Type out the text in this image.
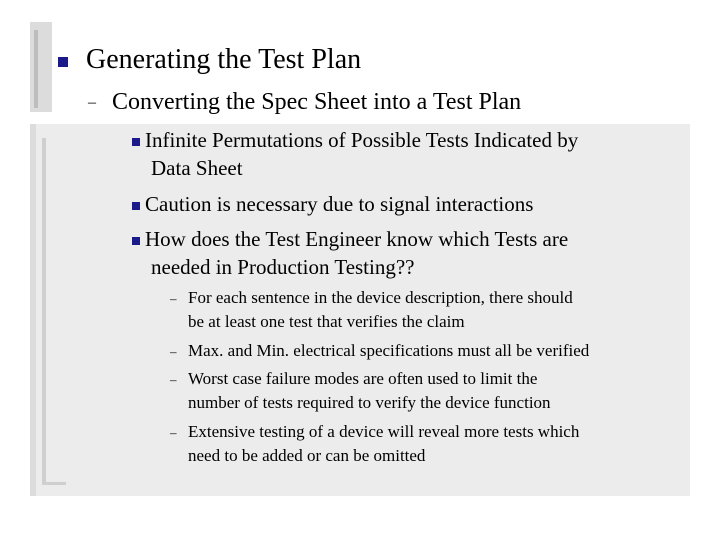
Generating the Test Plan
– Converting the Spec Sheet into a Test Plan
Infinite Permutations of Possible Tests Indicated by
Data Sheet
Caution is necessary due to signal interactions
How does the Test Engineer know which Tests are
needed in Production Testing??
– For each sentence in the device description, there should
be at least one test that verifies the claim
– Max. and Min. electrical specifications must all be verified
– Worst case failure modes are often used to limit the
number of tests required to verify the device function
– Extensive testing of a device will reveal more tests which
need to be added or can be omitted
